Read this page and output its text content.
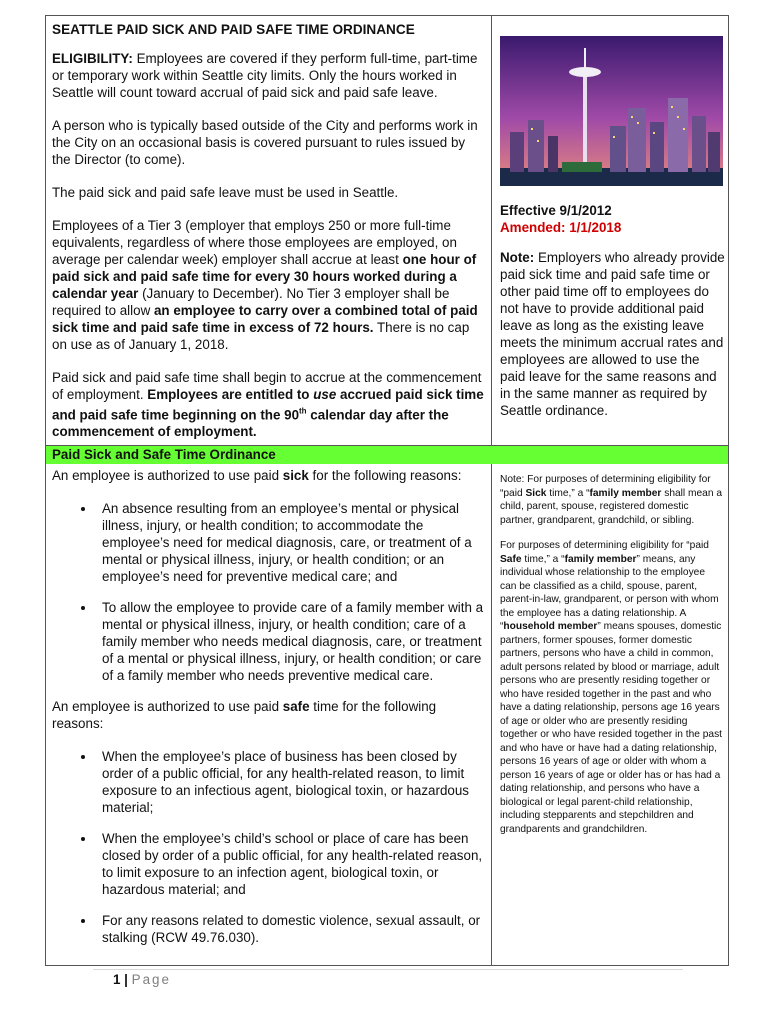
SEATTLE PAID SICK AND PAID SAFE TIME ORDINANCE

ELIGIBILITY: Employees are covered if they perform full-time, part-time or temporary work within Seattle city limits. Only the hours worked in Seattle will count toward accrual of paid sick and paid safe leave.

A person who is typically based outside of the City and performs work in the City on an occasional basis is covered pursuant to rules issued by the Director (to come).

The paid sick and paid safe leave must be used in Seattle.

Employees of a Tier 3 (employer that employs 250 or more full-time equivalents, regardless of where those employees are employed, on average per calendar week) employer shall accrue at least one hour of paid sick and paid safe time for every 30 hours worked during a calendar year (January to December). No Tier 3 employer shall be required to allow an employee to carry over a combined total of paid sick time and paid safe time in excess of 72 hours. There is no cap on use as of January 1, 2018.

Paid sick and paid safe time shall begin to accrue at the commencement of employment. Employees are entitled to use accrued paid sick time and paid safe time beginning on the 90th calendar day after the commencement of employment.

Effective 9/1/2012
Amended: 1/1/2018
Note: Employers who already provide paid sick time and paid safe time or other paid time off to employees do not have to provide additional paid leave as long as the existing leave meets the minimum accrual rates and employees are allowed to use the paid leave for the same reasons and in the same manner as required by Seattle ordinance.
Paid Sick and Safe Time Ordinance

An employee is authorized to use paid sick for the following reasons:

• An absence resulting from an employee’s mental or physical illness, injury, or health condition; to accommodate the employee’s need for medical diagnosis, care, or treatment of a mental or physical illness, injury, or health condition; or an employee’s need for preventive medical care; and
• To allow the employee to provide care of a family member with a mental or physical illness, injury, or health condition; care of a family member who needs medical diagnosis, care, or treatment of a mental or physical illness, injury, or health condition; or care of a family member who needs preventive medical care.

An employee is authorized to use paid safe time for the following reasons:

• When the employee’s place of business has been closed by order of a public official, for any health-related reason, to limit exposure to an infectious agent, biological toxin, or hazardous material;
• When the employee’s child’s school or place of care has been closed by order of a public official, for any health-related reason, to limit exposure to an infection agent, biological toxin, or hazardous material; and
• For any reasons related to domestic violence, sexual assault, or stalking (RCW 49.76.030).

Note: For purposes of determining eligibility for “paid Sick time,” a “family member shall mean a child, parent, spouse, registered domestic partner, grandparent, grandchild, or sibling.

For purposes of determining eligibility for “paid Safe time,” a “family member” means, any individual whose relationship to the employee can be classified as a child, spouse, parent, parent-in-law, grandparent, or person with whom the employee has a dating relationship. A “household member” means spouses, domestic partners, former spouses, former domestic partners, persons who have a child in common, adult persons related by blood or marriage, adult persons who are presently residing together or who have resided together in the past and who have a dating relationship, persons age 16 years of age or older who are presently residing together or who have resided together in the past and who have or have had a dating relationship, persons 16 years of age or older with whom a person 16 years of age or older has or has had a dating relationship, and persons who have a biological or legal parent-child relationship, including stepparents and stepchildren and grandparents and grandchildren.

1 | Page
